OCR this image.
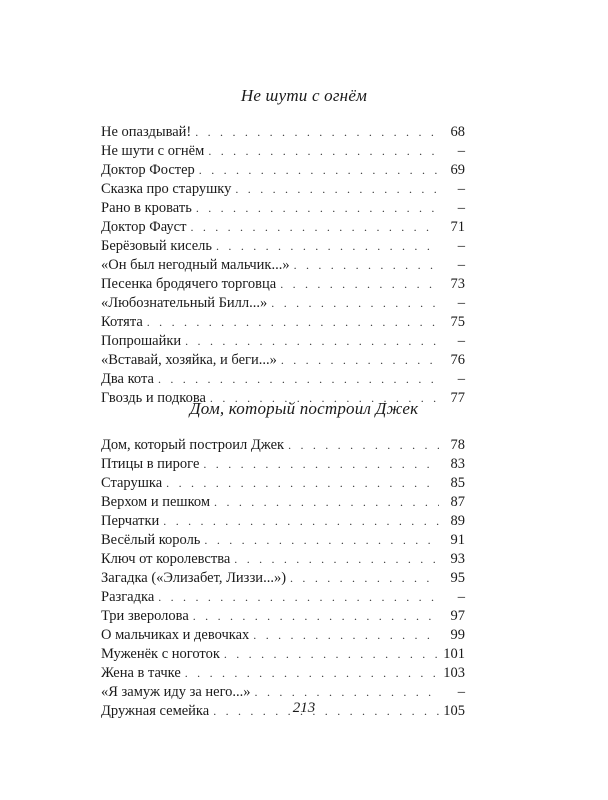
Не шути с огнём
Не опаздывай! . . .	68
Не шути с огнём . . .	–
Доктор Фостер . . .	69
Сказка про старушку . . .	–
Рано в кровать . . .	–
Доктор Фауст . . .	71
Берёзовый кисель . . .	–
«Он был негодный мальчик...» . . .	–
Песенка бродячего торговца . . .	73
«Любознательный Билл...» . . .	–
Котята . . .	75
Попрошайки . . .	–
«Вставай, хозяйка, и беги...» . . .	76
Два кота . . .	–
Гвоздь и подкова . . .	77
Дом, который построил Джек
Дом, который построил Джек . . .	78
Птицы в пироге . . .	83
Старушка . . .	85
Верхом и пешком . . .	87
Перчатки . . .	89
Весёлый король . . .	91
Ключ от королевства . . .	93
Загадка («Элизабет, Лиззи...») . . .	95
Разгадка . . .	–
Три зверолова . . .	97
О мальчиках и девочках . . .	99
Муженёк с ноготок . . .	101
Жена в тачке . . .	103
«Я замуж иду за него...» . . .	–
Дружная семейка . . .	105
213
